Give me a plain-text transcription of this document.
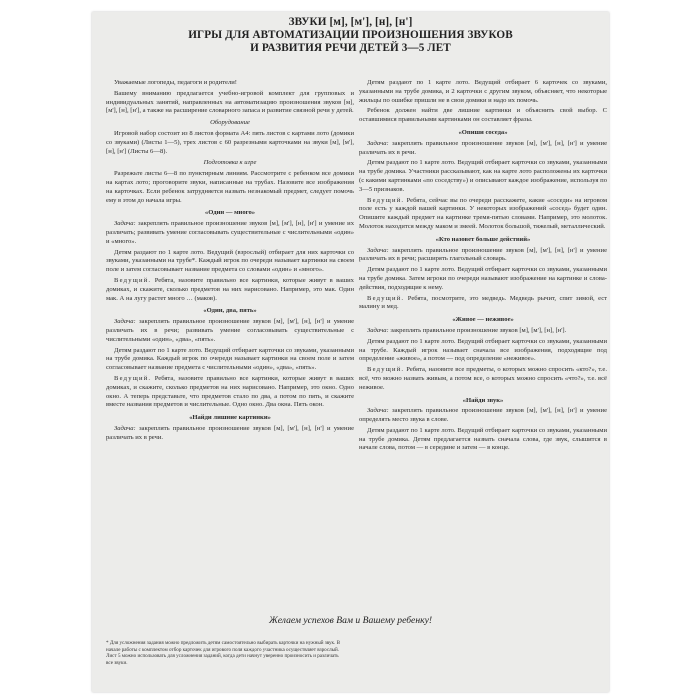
ЗВУКИ [м], [м'], [н], [н']
ИГРЫ ДЛЯ АВТОМАТИЗАЦИИ ПРОИЗНОШЕНИЯ ЗВУКОВ
И РАЗВИТИЯ РЕЧИ ДЕТЕЙ 3—5 ЛЕТ

Уважаемые логопеды, педагоги и родители!

Вашему вниманию предлагается учебно-игровой комплект для групповых и индивидуальных занятий, направленных на автоматизацию произношения звуков [м], [м'], [н], [н'], а также на расширение словарного запаса и развитие связной речи у детей.

Оборудование

Игровой набор состоит из 8 листов формата А4: пять листов с картами лото (домики со звуками) (Листы 1—5), трех листов с 60 разрезными карточками на звуки [м], [м'], [н], [н'] (Листы 6—8).

Подготовка к игре

Разрежьте листы 6—8 по пунктирным линиям. Рассмотрите с ребенком все домики на картах лото; проговорите звуки, написанные на трубах. Назовите все изображения на карточках. Если ребенок затрудняется назвать незнакомый предмет, следует помочь ему в этом до начала игры.

«Один — много»

Задача: закреплять правильное произношение звуков [м], [м'], [н], [н'] и умение их различать; развивать умение согласовывать существительные с числительными «один» и «много».

Детям раздают по 1 карте лото. Ведущий (взрослый) отбирает для них карточки со звуками, указанными на трубе*. Каждый игрок по очереди называет картинки на своем поле и затем согласовывает название предмета со словами «один» и «много».

Ведущий. Ребята, назовите правильно все картинки, которые живут в ваших домиках, и скажите, сколько предметов на них нарисовано. Например, это мак. Один мак. А на лугу растет много … (маков).

«Один, два, пять»

Задача: закреплять правильное произношение звуков [м], [м'], [н], [н'] и умение различать их в речи; развивать умение согласовывать существительные с числительными «один», «два», «пять».

Детям раздают по 1 карте лото. Ведущий отбирает карточки со звуками, указанными на трубе домика. Каждый игрок по очереди называет картинки на своем поле и затем согласовывает название предмета с числительными «один», «два», «пять».

Ведущий. Ребята, назовите правильно все картинки, которые живут в ваших домиках, и скажите, сколько предметов на них нарисовано. Например, это окно. Одно окно. А теперь представьте, что предметов стало по два, а потом по пять, и скажите вместе названия предметов и числительные. Одно окно. Два окна. Пять окон.

«Найди лишние картинки»

Задача: закреплять правильное произношение звуков [м], [м'], [н], [н'] и умение различать их в речи.

Детям раздают по 1 карте лото. Ведущий отбирает 6 карточек со звуками, указанными на трубе домика, и 2 карточки с другим звуком, объясняет, что некоторые жильцы по ошибке пришли не в свои домики и надо их помочь.

Ребенок должен найти две лишние картинки и объяснить свой выбор. С оставшимися правильными картинками он составляет фразы.

«Опиши соседа»

Задача: закреплять правильное произношение звуков [м], [м'], [н], [н'] и умение различать их в речи.

Детям раздают по 1 карте лото. Ведущий отбирает карточки со звуками, указанными на трубе домика. Участники рассказывают, как на карте лото расположены их карточки (с какими картинками «по соседству») и описывают каждое изображение, используя по 3—5 признаков.

Ведущий. Ребята, сейчас вы по очереди расскажете, какие «соседи» на игровом поле есть у каждой вашей картинки. У некоторых изображений «сосед» будет один. Опишите каждый предмет на картинке тремя-пятью словами. Например, это молоток. Молоток находится между маком и змеей. Молоток большой, тяжелый, металлический.

«Кто назовет больше действий»

Задача: закреплять правильное произношение звуков [м], [м'], [н], [н'] и умение различать их в речи; расширять глагольный словарь.

Детям раздают по 1 карте лото. Ведущий отбирает карточки со звуками, указанными на трубе домика. Затем игроки по очереди называют изображение на картинке и слова-действия, подходящие к нему.

Ведущий. Ребята, посмотрите, это медведь. Медведь рычит, спит зимой, ест малину и мед.

«Живое — неживое»

Задача: закреплять правильное произношение звуков [м], [м'], [н], [н'].

Детям раздают по 1 карте лото. Ведущий отбирает карточки со звуками, указанными на трубе. Каждый игрок называет сначала все изображения, подходящие под определение «живое», а потом — под определение «неживое».

Ведущий. Ребята, назовите все предметы, о которых можно спросить «кто?», т.е. всё, что можно назвать живым, а потом все, о которых можно спросить «что?», т.е. всё неживое.

«Найди звук»

Задача: закреплять правильное произношение звуков [м], [м'], [н], [н'] и умение определять место звука в слове.

Детям раздают по 1 карте лото. Ведущий отбирает карточки со звуками, указанными на трубе домика. Детям предлагается назвать сначала слова, где звук, слышится в начале слова, потом — в середине и затем — в конце.

Желаем успехов Вам и Вашему ребенку!

* Для усложнения задания можно предложить детям самостоятельно выбирать карточки на нужный звук. В начале работы с комплектом отбор карточек для игрового поля каждого участника осуществляет взрослый. Лист 5 можно использовать для усложнения заданий, когда дети начнут уверенно произносить и различать все звуки.
